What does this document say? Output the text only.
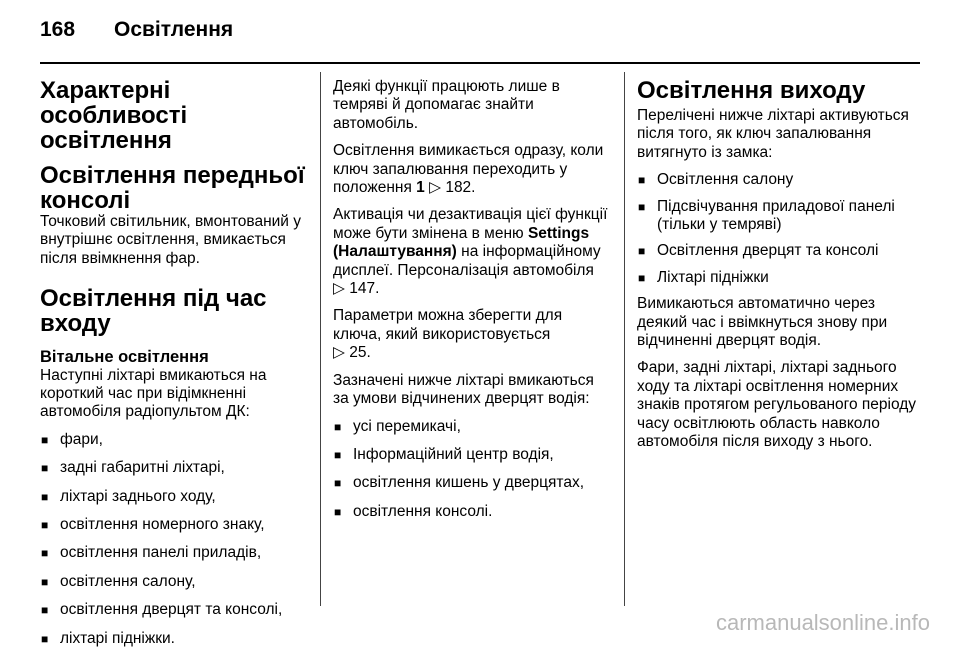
168 Освітлення
Характерні особливості освітлення
Освітлення передньої консолі

Точковий світильник, вмонтований у внутрішнє освітлення, вмикається після ввімкнення фар.

Освітлення під час входу
Вітальне освітлення

Наступні ліхтарі вмикаються на короткий час при відімкненні автомобіля радіопультом ДК:

■ фари,
■ задні габаритні ліхтарі,
■ ліхтарі заднього ходу,
■ освітлення номерного знаку,
■ освітлення панелі приладів,
■ освітлення салону,
■ освітлення дверцят та консолі,
■ ліхтарі підніжки.

Деякі функції працюють лише в темряві й допомагає знайти автомобіль.

Освітлення вимикається одразу, коли ключ запалювання переходить у положення 1 ▷ 182.

Активація чи дезактивація цієї функції може бути змінена в меню Settings (Налаштування) на інформаційному дисплеї. Персоналізація автомобіля ▷ 147.

Параметри можна зберегти для ключа, який використовується
▷ 25.

Зазначені нижче ліхтарі вмикаються за умови відчинених дверцят водія:

■ усі перемикачі,
■ Інформаційний центр водія,
■ освітлення кишень у дверцятах,
■ освітлення консолі.
Освітлення виходу

Перелічені нижче ліхтарі активуються після того, як ключ запалювання витягнуто із замка:

■ Освітлення салону
■ Підсвічування приладової панелі (тільки у темряві)
■ Освітлення дверцят та консолі
■ Ліхтарі підніжки

Вимикаються автоматично через деякий час і ввімкнуться знову при відчиненні дверцят водія.

Фари, задні ліхтарі, ліхтарі заднього ходу та ліхтарі освітлення номерних знаків протягом регульованого періоду часу освітлюють область навколо автомобіля після виходу з нього.

carmanualsonline.info
